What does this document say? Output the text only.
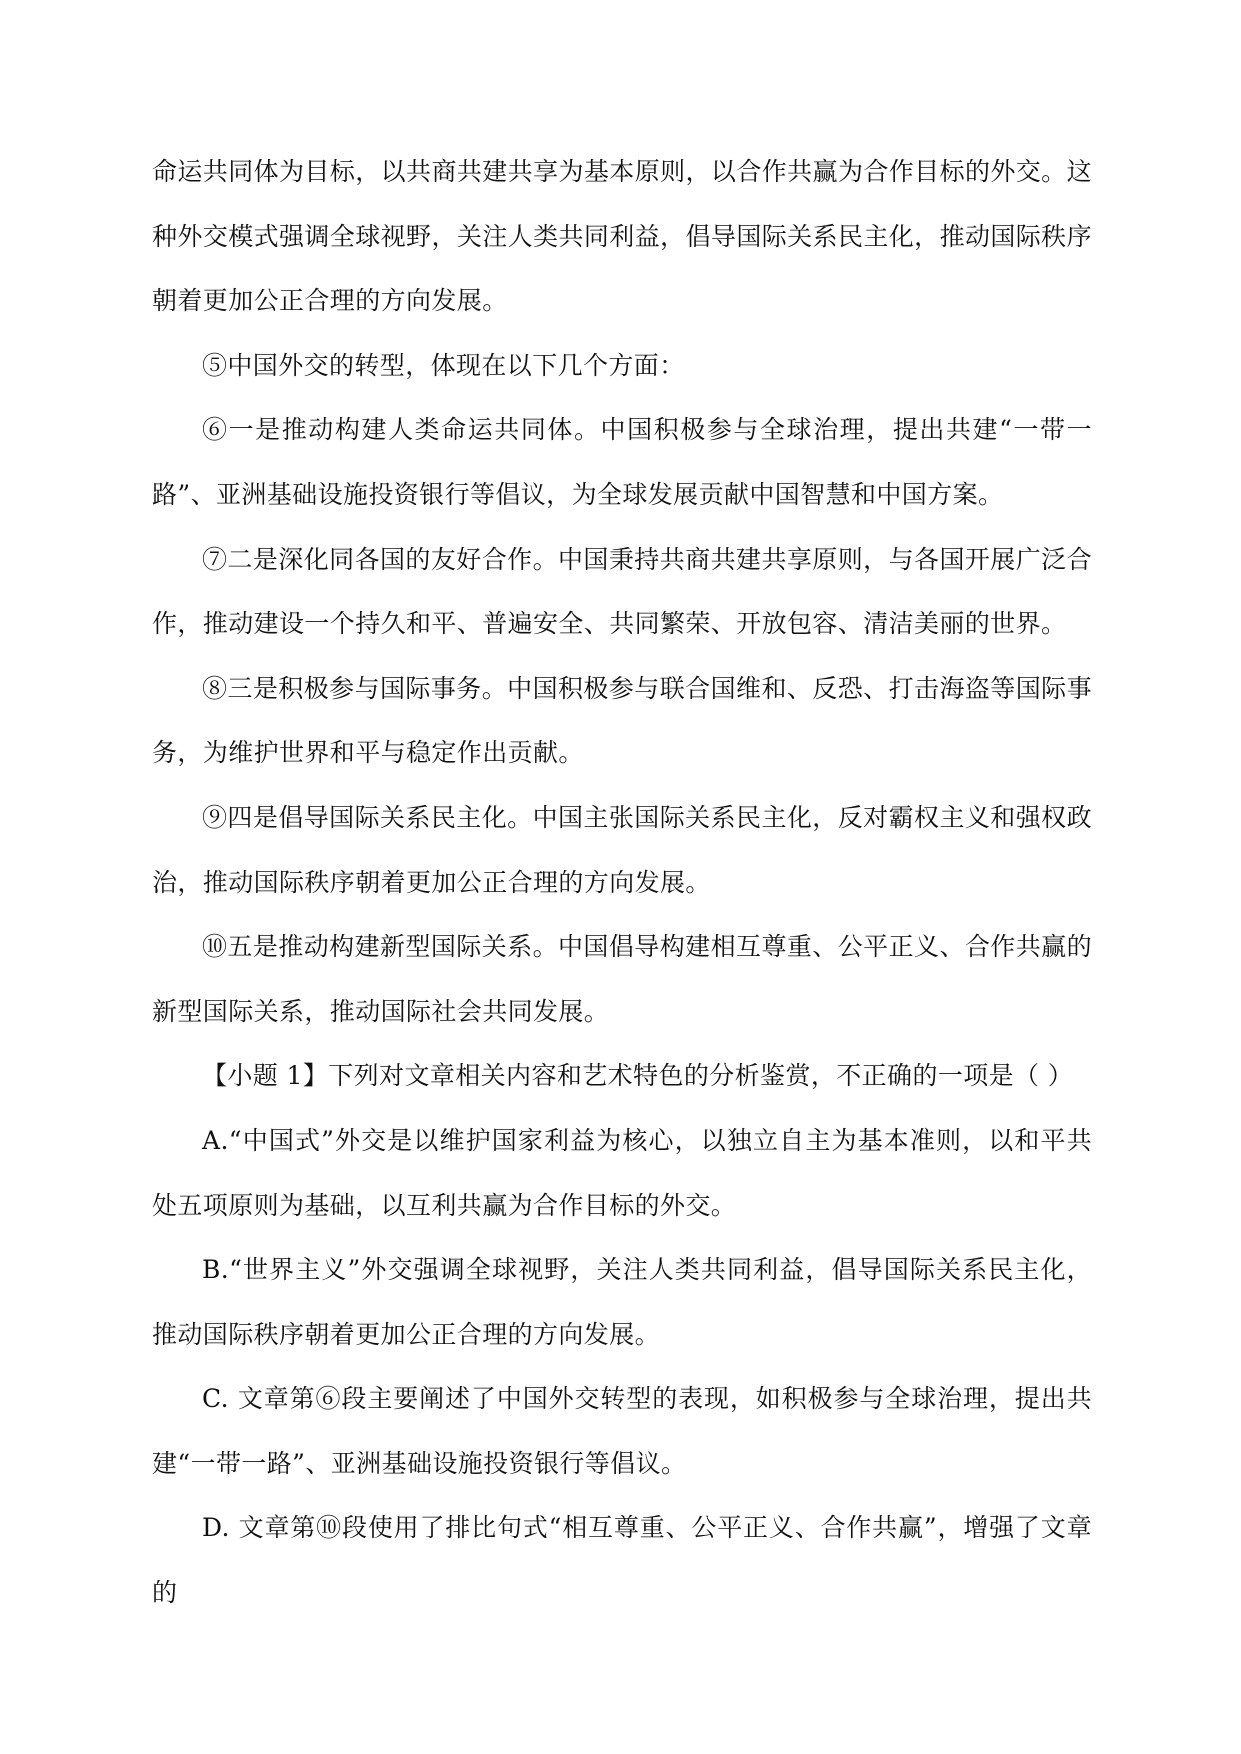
命运共同体为目标，以共商共建共享为基本原则，以合作共赢为合作目标的外交。这种外交模式强调全球视野，关注人类共同利益，倡导国际关系民主化，推动国际秩序朝着更加公正合理的方向发展。

⑤中国外交的转型，体现在以下几个方面：

⑥一是推动构建人类命运共同体。中国积极参与全球治理，提出共建“一带一路”、亚洲基础设施投资银行等倡议，为全球发展贡献中国智慧和中国方案。

⑦二是深化同各国的友好合作。中国秉持共商共建共享原则，与各国开展广泛合作，推动建设一个持久和平、普遍安全、共同繁荣、开放包容、清洁美丽的世界。

⑧三是积极参与国际事务。中国积极参与联合国维和、反恐、打击海盗等国际事务，为维护世界和平与稳定作出贡献。

⑨四是倡导国际关系民主化。中国主张国际关系民主化，反对霸权主义和强权政治，推动国际秩序朝着更加公正合理的方向发展。

⑩五是推动构建新型国际关系。中国倡导构建相互尊重、公平正义、合作共赢的新型国际关系，推动国际社会共同发展。

【小题 1】下列对文章相关内容和艺术特色的分析鉴赏，不正确的一项是（ ）

A.“中国式”外交是以维护国家利益为核心，以独立自主为基本准则，以和平共处五项原则为基础，以互利共赢为合作目标的外交。

B.“世界主义”外交强调全球视野，关注人类共同利益，倡导国际关系民主化，推动国际秩序朝着更加公正合理的方向发展。

C. 文章第⑥段主要阐述了中国外交转型的表现，如积极参与全球治理，提出共建“一带一路”、亚洲基础设施投资银行等倡议。

D. 文章第⑩段使用了排比句式“相互尊重、公平正义、合作共赢”，增强了文章的
